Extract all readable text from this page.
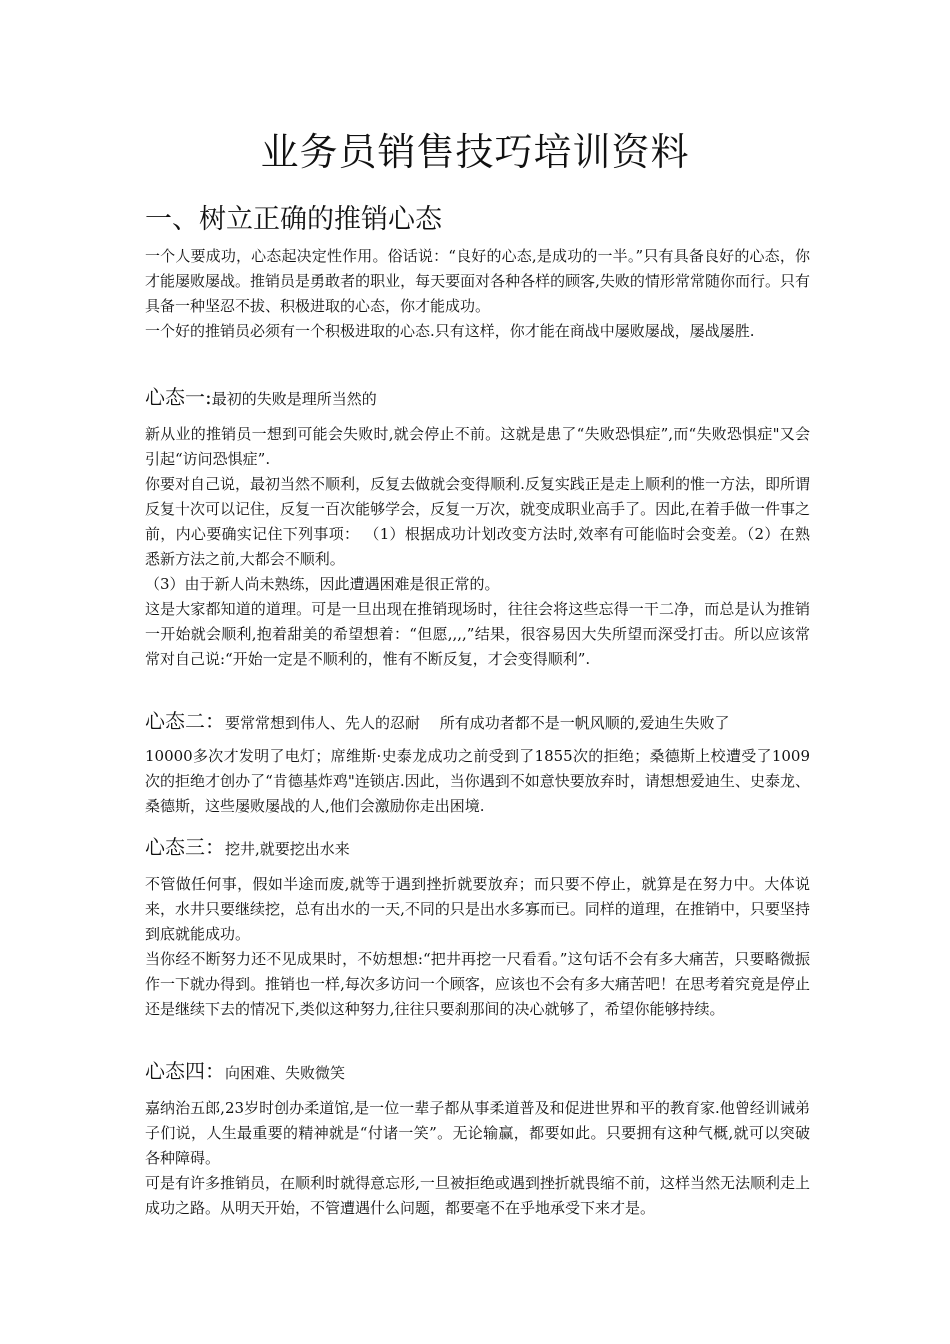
业务员销售技巧培训资料
一、树立正确的推销心态

一个人要成功，心态起决定性作用。俗话说：“良好的心态,是成功的一半。”只有具备良好的心态，你才能屡败屡战。推销员是勇敢者的职业，每天要面对各种各样的顾客,失败的情形常常随你而行。只有具备一种坚忍不拔、积极进取的心态，你才能成功。

一个好的推销员必须有一个积极进取的心态.只有这样，你才能在商战中屡败屡战，屡战屡胜.

心态一:最初的失败是理所当然的

新从业的推销员一想到可能会失败时,就会停止不前。这就是患了“失败恐惧症”,而“失败恐惧症"又会引起“访问恐惧症”.

你要对自己说，最初当然不顺利，反复去做就会变得顺利.反复实践正是走上顺利的惟一方法，即所谓反复十次可以记住，反复一百次能够学会，反复一万次，就变成职业高手了。因此,在着手做一件事之前，内心要确实记住下列事项： （1）根据成功计划改变方法时,效率有可能临时会变差。（2）在熟悉新方法之前,大都会不顺利。

（3）由于新人尚未熟练，因此遭遇困难是很正常的。

这是大家都知道的道理。可是一旦出现在推销现场时，往往会将这些忘得一干二净，而总是认为推销一开始就会顺利,抱着甜美的希望想着：“但愿,,,,”结果，很容易因大失所望而深受打击。所以应该常常对自己说:“开始一定是不顺利的，惟有不断反复，才会变得顺利”.

心态二：要常常想到伟人、先人的忍耐　 所有成功者都不是一帆风顺的,爱迪生失败了

10000多次才发明了电灯；席维斯·史泰龙成功之前受到了1855次的拒绝；桑德斯上校遭受了1009次的拒绝才创办了“肯德基炸鸡"连锁店.因此，当你遇到不如意快要放弃时，请想想爱迪生、史泰龙、桑德斯，这些屡败屡战的人,他们会激励你走出困境.

心态三：挖井,就要挖出水来

不管做任何事，假如半途而废,就等于遇到挫折就要放弃；而只要不停止，就算是在努力中。大体说来，水井只要继续挖，总有出水的一天,不同的只是出水多寡而已。同样的道理，在推销中，只要坚持到底就能成功。

当你经不断努力还不见成果时，不妨想想:“把井再挖一尺看看。”这句话不会有多大痛苦，只要略微振作一下就办得到。推销也一样,每次多访问一个顾客，应该也不会有多大痛苦吧！在思考着究竟是停止还是继续下去的情况下,类似这种努力,往往只要刹那间的决心就够了，希望你能够持续。

心态四：向困难、失败微笑

嘉纳治五郎,23岁时创办柔道馆,是一位一辈子都从事柔道普及和促进世界和平的教育家.他曾经训诫弟子们说，人生最重要的精神就是“付诸一笑”。无论输赢，都要如此。只要拥有这种气概,就可以突破各种障碍。

可是有许多推销员，在顺利时就得意忘形,一旦被拒绝或遇到挫折就畏缩不前，这样当然无法顺利走上成功之路。从明天开始，不管遭遇什么问题，都要毫不在乎地承受下来才是。
